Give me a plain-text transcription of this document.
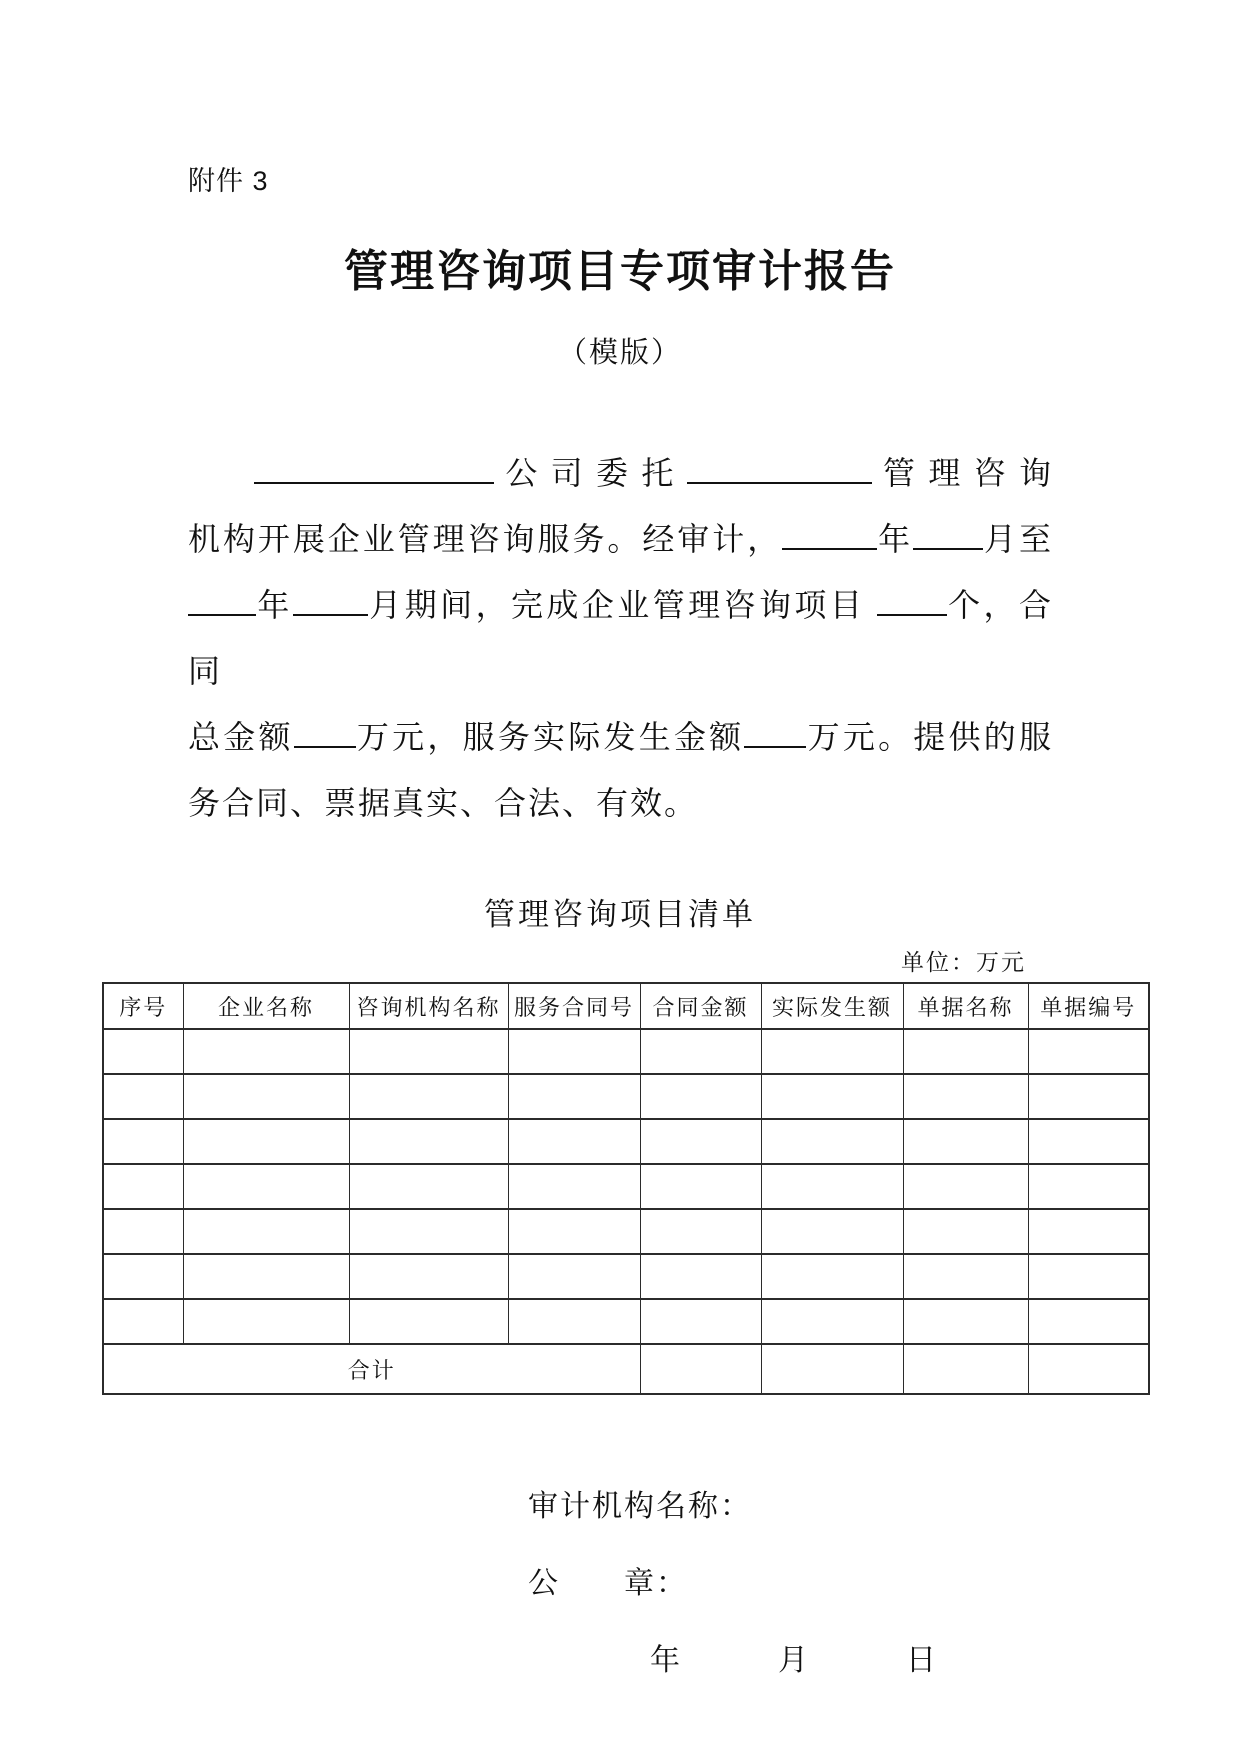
附件 3
管理咨询项目专项审计报告
（模版）
公司委托	管理咨询
机构开展企业管理咨询服务。经审计，	年 月至
年 月期间，完成企业管理咨询项目 个，合同
总金额 万元，服务实际发生金额 万元。提供的服
务合同、票据真实、合法、有效。
管理咨询项目清单
单位：万元
序号	企业名称	咨询机构名称	服务合同号	合同金额	实际发生额	单据名称	单据编号

合计							
审计机构名称：
公　　章：
年　　　月　　　日
